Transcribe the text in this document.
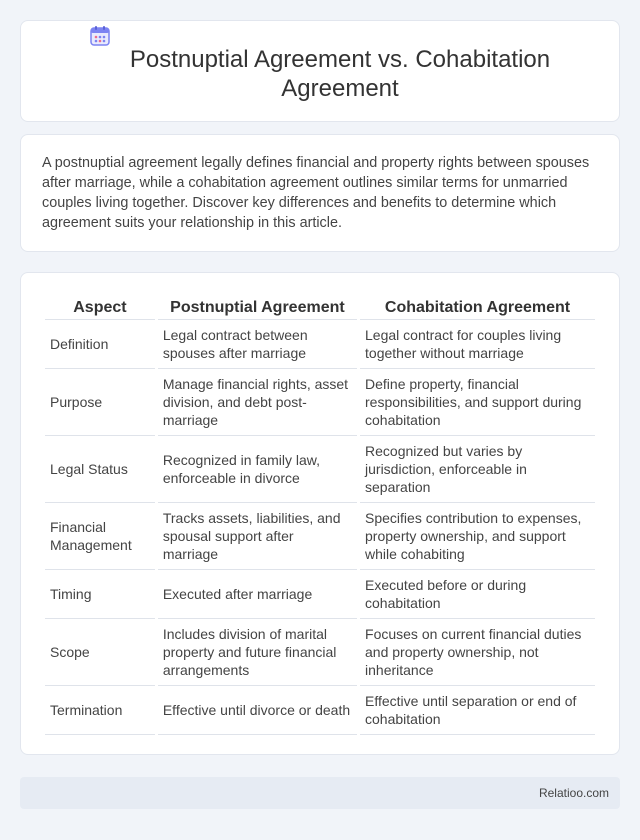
Postnuptial Agreement vs. Cohabitation Agreement

A postnuptial agreement legally defines financial and property rights between spouses after marriage, while a cohabitation agreement outlines similar terms for unmarried couples living together. Discover key differences and benefits to determine which agreement suits your relationship in this article.

Aspect	Postnuptial Agreement	Cohabitation Agreement
Definition	Legal contract between spouses after marriage	Legal contract for couples living together without marriage
Purpose	Manage financial rights, asset division, and debt post-marriage	Define property, financial responsibilities, and support during cohabitation
Legal Status	Recognized in family law, enforceable in divorce	Recognized but varies by jurisdiction, enforceable in separation
Financial Management	Tracks assets, liabilities, and spousal support after marriage	Specifies contribution to expenses, property ownership, and support while cohabiting
Timing	Executed after marriage	Executed before or during cohabitation
Scope	Includes division of marital property and future financial arrangements	Focuses on current financial duties and property ownership, not inheritance
Termination	Effective until divorce or death	Effective until separation or end of cohabitation
Relatioo.com
